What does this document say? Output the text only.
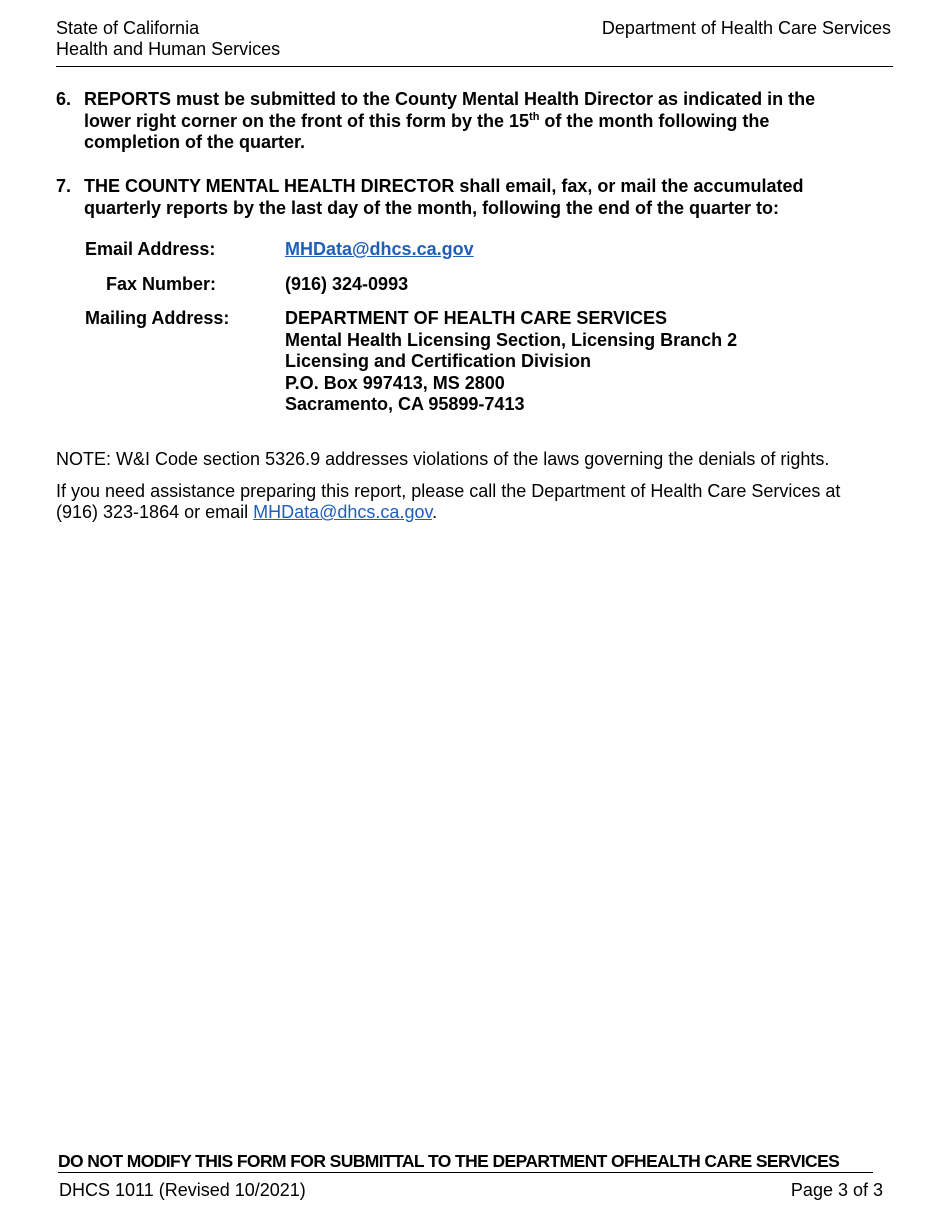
State of California
Health and Human Services
Department of Health Care Services
6. REPORTS must be submitted to the County Mental Health Director as indicated in the lower right corner on the front of this form by the 15th of the month following the completion of the quarter.
7. THE COUNTY MENTAL HEALTH DIRECTOR shall email, fax, or mail the accumulated quarterly reports by the last day of the month, following the end of the quarter to:
Email Address:	MHData@dhcs.ca.gov
Fax Number:	(916) 324-0993
Mailing Address:	DEPARTMENT OF HEALTH CARE SERVICES
Mental Health Licensing Section, Licensing Branch 2
Licensing and Certification Division
P.O. Box 997413, MS 2800
Sacramento, CA 95899-7413
NOTE: W&I Code section 5326.9 addresses violations of the laws governing the denials of rights.
If you need assistance preparing this report, please call the Department of Health Care Services at (916) 323-1864 or email MHData@dhcs.ca.gov.
DO NOT MODIFY THIS FORM FOR SUBMITTAL TO THE DEPARTMENT OFHEALTH CARE SERVICES
DHCS 1011 (Revised 10/2021)	Page 3 of 3
